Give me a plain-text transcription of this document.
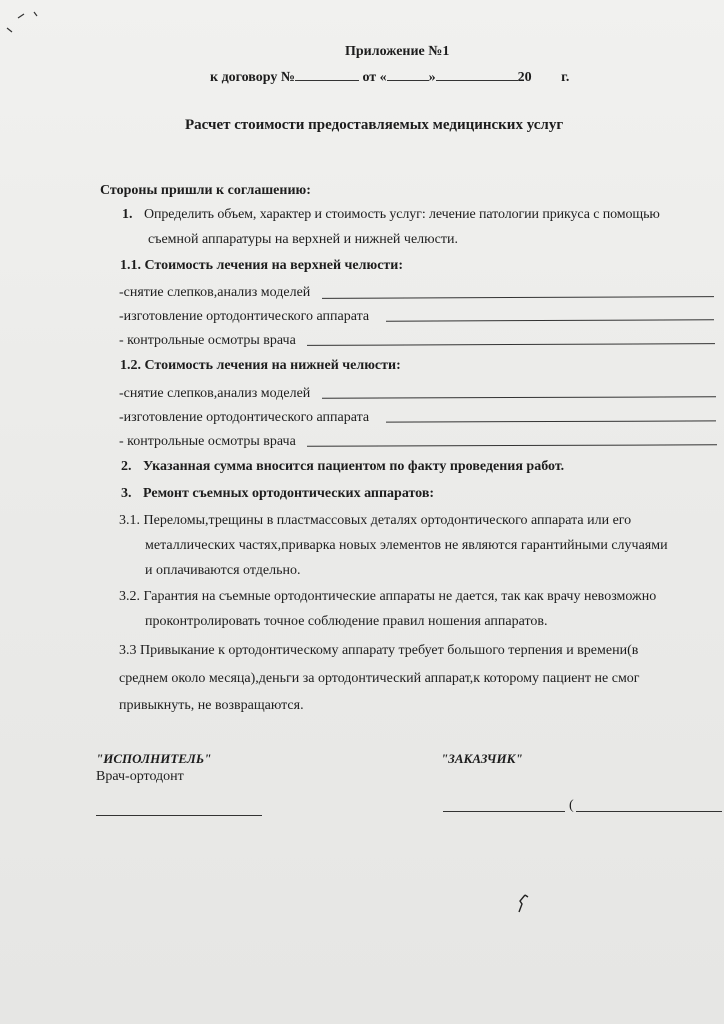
Приложение №1
к договору №	от «	»	20 г.
Расчет стоимости предоставляемых медицинских услуг
Стороны пришли к соглашению:
1. Определить объем, характер и стоимость услуг: лечение патологии прикуса с помощью
съемной аппаратуры на верхней и нижней челюсти.
1.1. Стоимость лечения на верхней челюсти:
-снятие слепков,анализ моделей
-изготовление ортодонтического аппарата
- контрольные осмотры врача
1.2. Стоимость лечения на нижней челюсти:
-снятие слепков,анализ моделей
-изготовление ортодонтического аппарата
- контрольные осмотры врача
2. Указанная сумма вносится пациентом по факту проведения работ.
3. Ремонт съемных ортодонтических аппаратов:
3.1. Переломы,трещины в пластмассовых деталях ортодонтического аппарата или его
металлических частях,приварка новых элементов не являются гарантийными случаями
и оплачиваются отдельно.
3.2. Гарантия на съемные ортодонтические аппараты не дается, так как врачу невозможно
проконтролировать точное соблюдение правил ношения аппаратов.
3.3 Привыкание к ортодонтическому аппарату требует большого терпения и времени(в
среднем около месяца),деньги за ортодонтический аппарат,к которому пациент не смог
привыкнуть, не возвращаются.
"ИСПОЛНИТЕЛЬ"
Врач-ортодонт
"ЗАКАЗЧИК"
(
